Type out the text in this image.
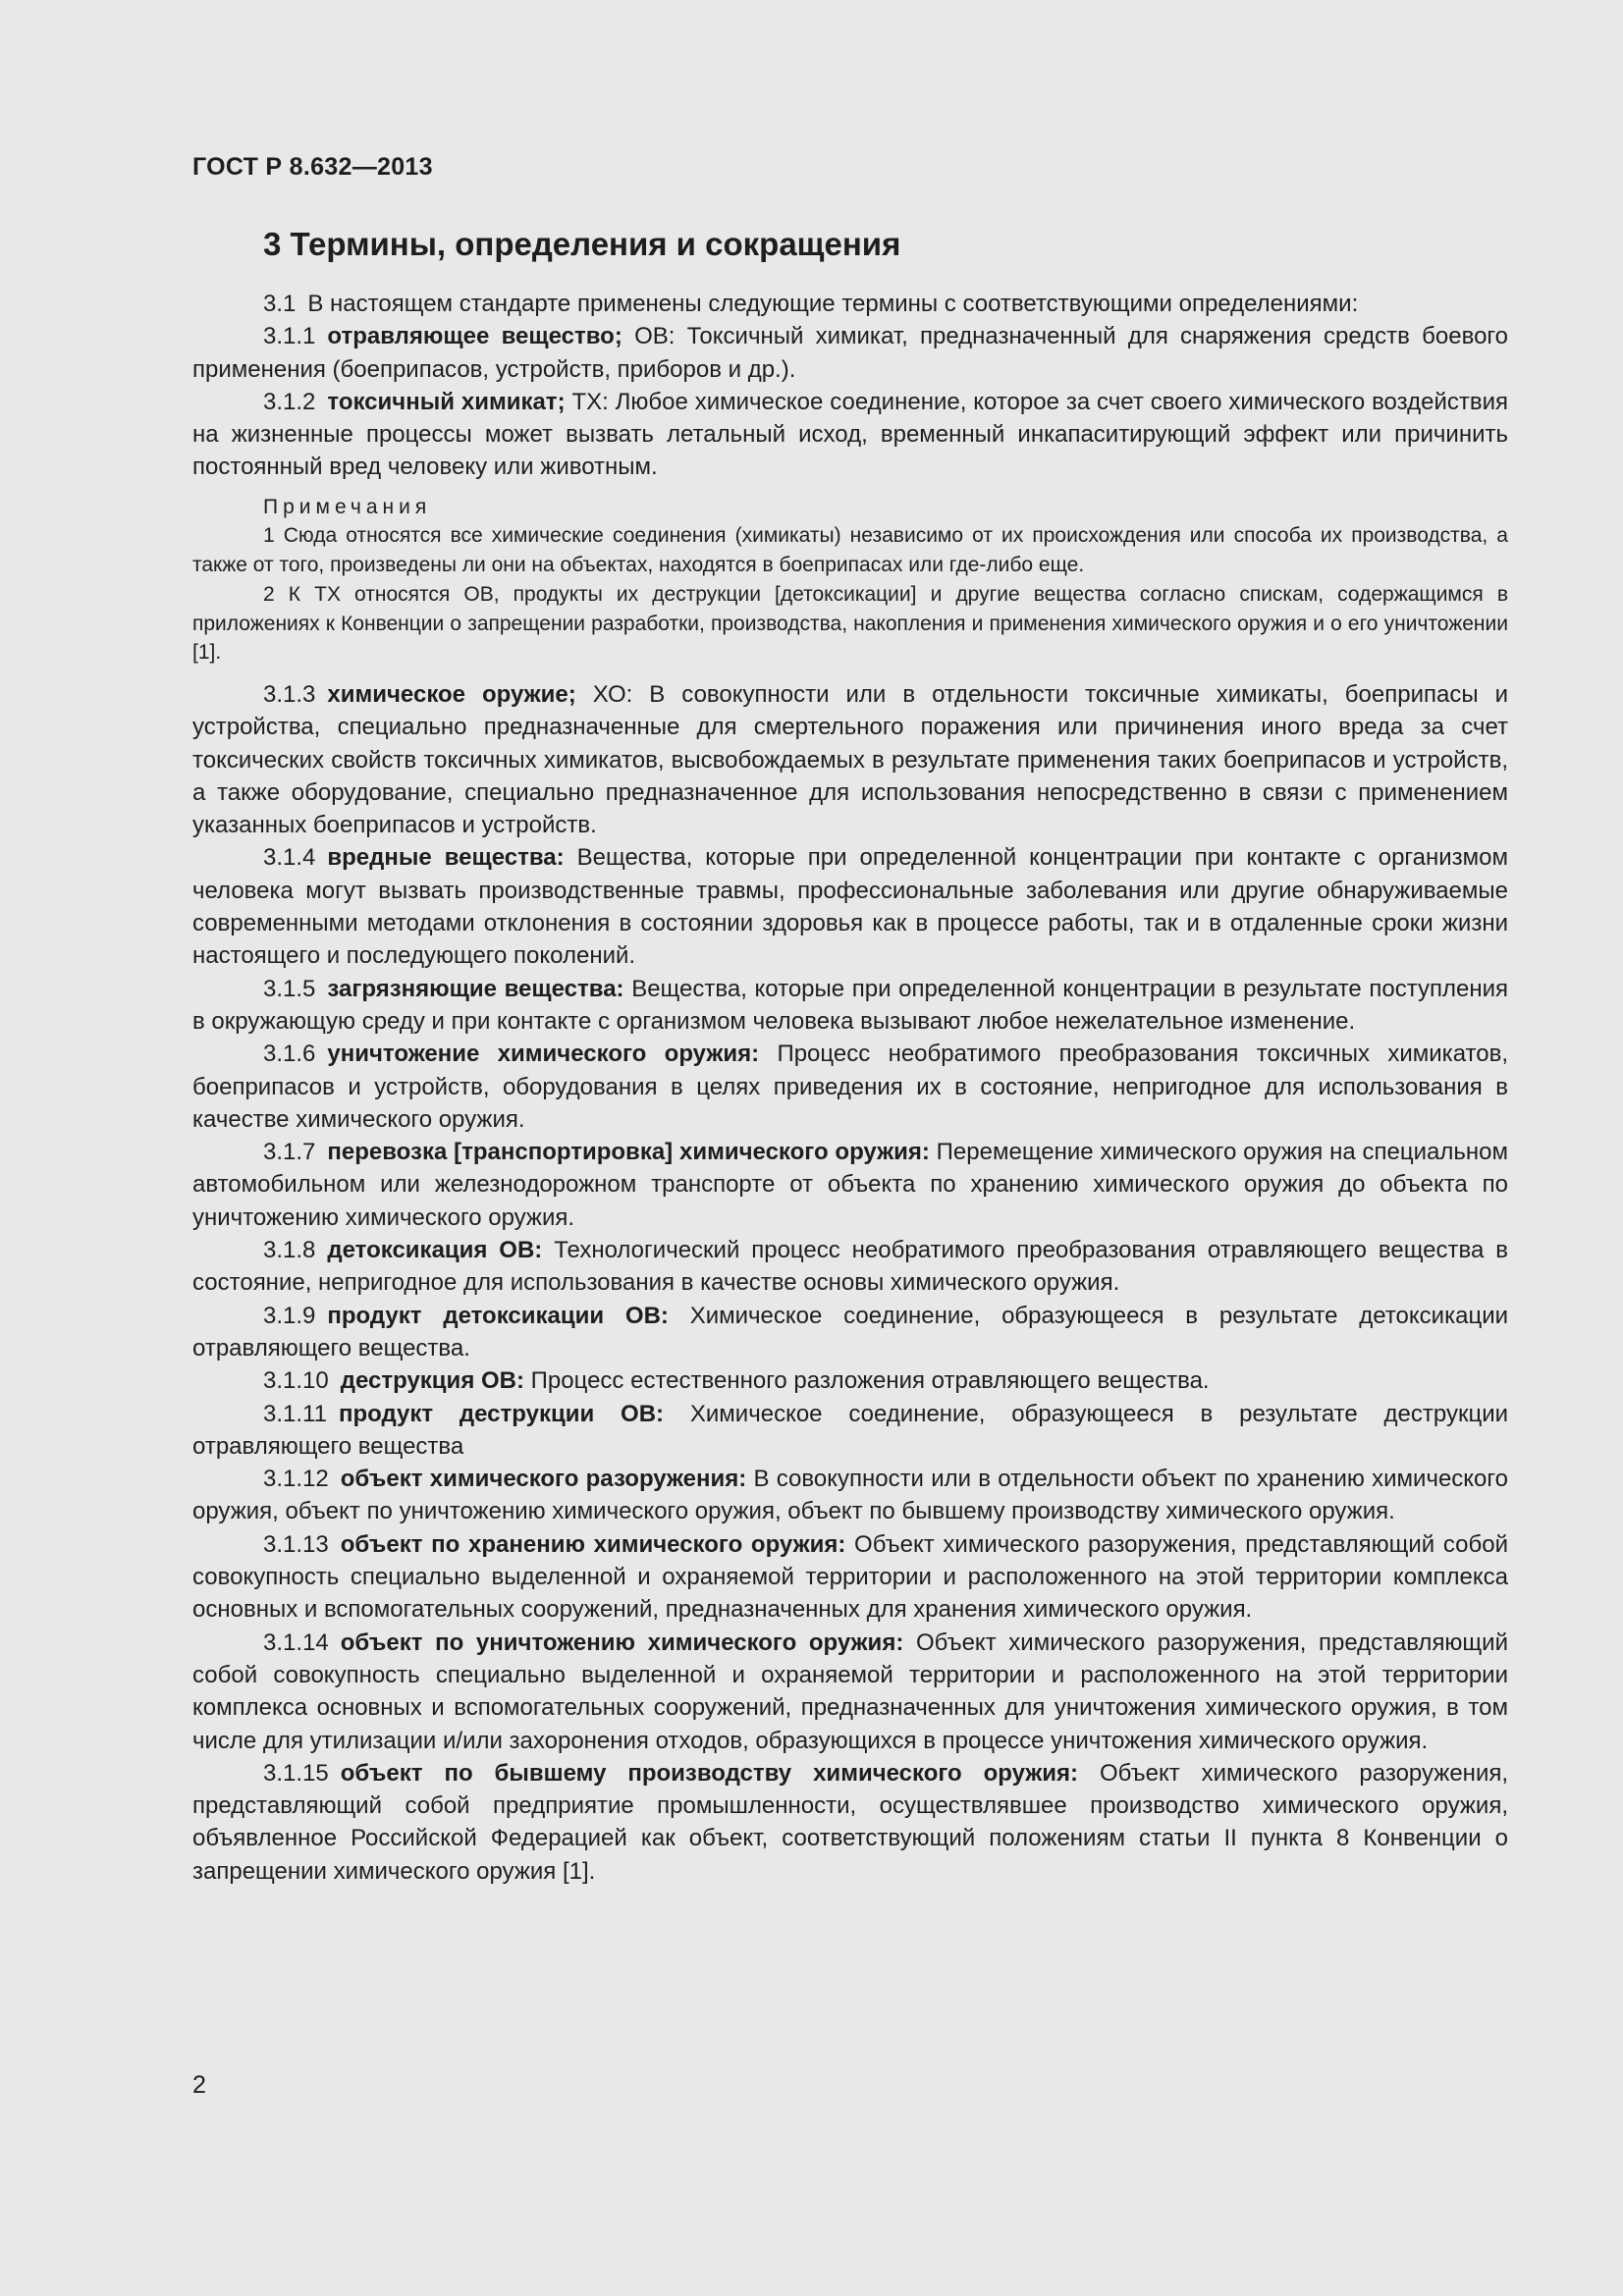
ГОСТ Р 8.632—2013
3 Термины, определения и сокращения

3.1 В настоящем стандарте применены следующие термины с соответствующими определениями:

3.1.1 отравляющее вещество; ОВ: Токсичный химикат, предназначенный для снаряжения средств боевого применения (боеприпасов, устройств, приборов и др.).

3.1.2 токсичный химикат; ТХ: Любое химическое соединение, которое за счет своего химического воздействия на жизненные процессы может вызвать летальный исход, временный инкапаситирующий эффект или причинить постоянный вред человеку или животным.

Примечания

1 Сюда относятся все химические соединения (химикаты) независимо от их происхождения или способа их производства, а также от того, произведены ли они на объектах, находятся в боеприпасах или где-либо еще.

2 К ТХ относятся ОВ, продукты их деструкции [детоксикации] и другие вещества согласно спискам, содержащимся в приложениях к Конвенции о запрещении разработки, производства, накопления и применения химического оружия и о его уничтожении [1].

3.1.3 химическое оружие; ХО: В совокупности или в отдельности токсичные химикаты, боеприпасы и устройства, специально предназначенные для смертельного поражения или причинения иного вреда за счет токсических свойств токсичных химикатов, высвобождаемых в результате применения таких боеприпасов и устройств, а также оборудование, специально предназначенное для использования непосредственно в связи с применением указанных боеприпасов и устройств.

3.1.4 вредные вещества: Вещества, которые при определенной концентрации при контакте с организмом человека могут вызвать производственные травмы, профессиональные заболевания или другие обнаруживаемые современными методами отклонения в состоянии здоровья как в процессе работы, так и в отдаленные сроки жизни настоящего и последующего поколений.

3.1.5 загрязняющие вещества: Вещества, которые при определенной концентрации в результате поступления в окружающую среду и при контакте с организмом человека вызывают любое нежелательное изменение.

3.1.6 уничтожение химического оружия: Процесс необратимого преобразования токсичных химикатов, боеприпасов и устройств, оборудования в целях приведения их в состояние, непригодное для использования в качестве химического оружия.

3.1.7 перевозка [транспортировка] химического оружия: Перемещение химического оружия на специальном автомобильном или железнодорожном транспорте от объекта по хранению химического оружия до объекта по уничтожению химического оружия.

3.1.8 детоксикация ОВ: Технологический процесс необратимого преобразования отравляющего вещества в состояние, непригодное для использования в качестве основы химического оружия.

3.1.9 продукт детоксикации ОВ: Химическое соединение, образующееся в результате детоксикации отравляющего вещества.

3.1.10 деструкция ОВ: Процесс естественного разложения отравляющего вещества.

3.1.11 продукт деструкции ОВ: Химическое соединение, образующееся в результате деструкции отравляющего вещества

3.1.12 объект химического разоружения: В совокупности или в отдельности объект по хранению химического оружия, объект по уничтожению химического оружия, объект по бывшему производству химического оружия.

3.1.13 объект по хранению химического оружия: Объект химического разоружения, представляющий собой совокупность специально выделенной и охраняемой территории и расположенного на этой территории комплекса основных и вспомогательных сооружений, предназначенных для хранения химического оружия.

3.1.14 объект по уничтожению химического оружия: Объект химического разоружения, представляющий собой совокупность специально выделенной и охраняемой территории и расположенного на этой территории комплекса основных и вспомогательных сооружений, предназначенных для уничтожения химического оружия, в том числе для утилизации и/или захоронения отходов, образующихся в процессе уничтожения химического оружия.

3.1.15 объект по бывшему производству химического оружия: Объект химического разоружения, представляющий собой предприятие промышленности, осуществлявшее производство химического оружия, объявленное Российской Федерацией как объект, соответствующий положениям статьи II пункта 8 Конвенции о запрещении химического оружия [1].

2
